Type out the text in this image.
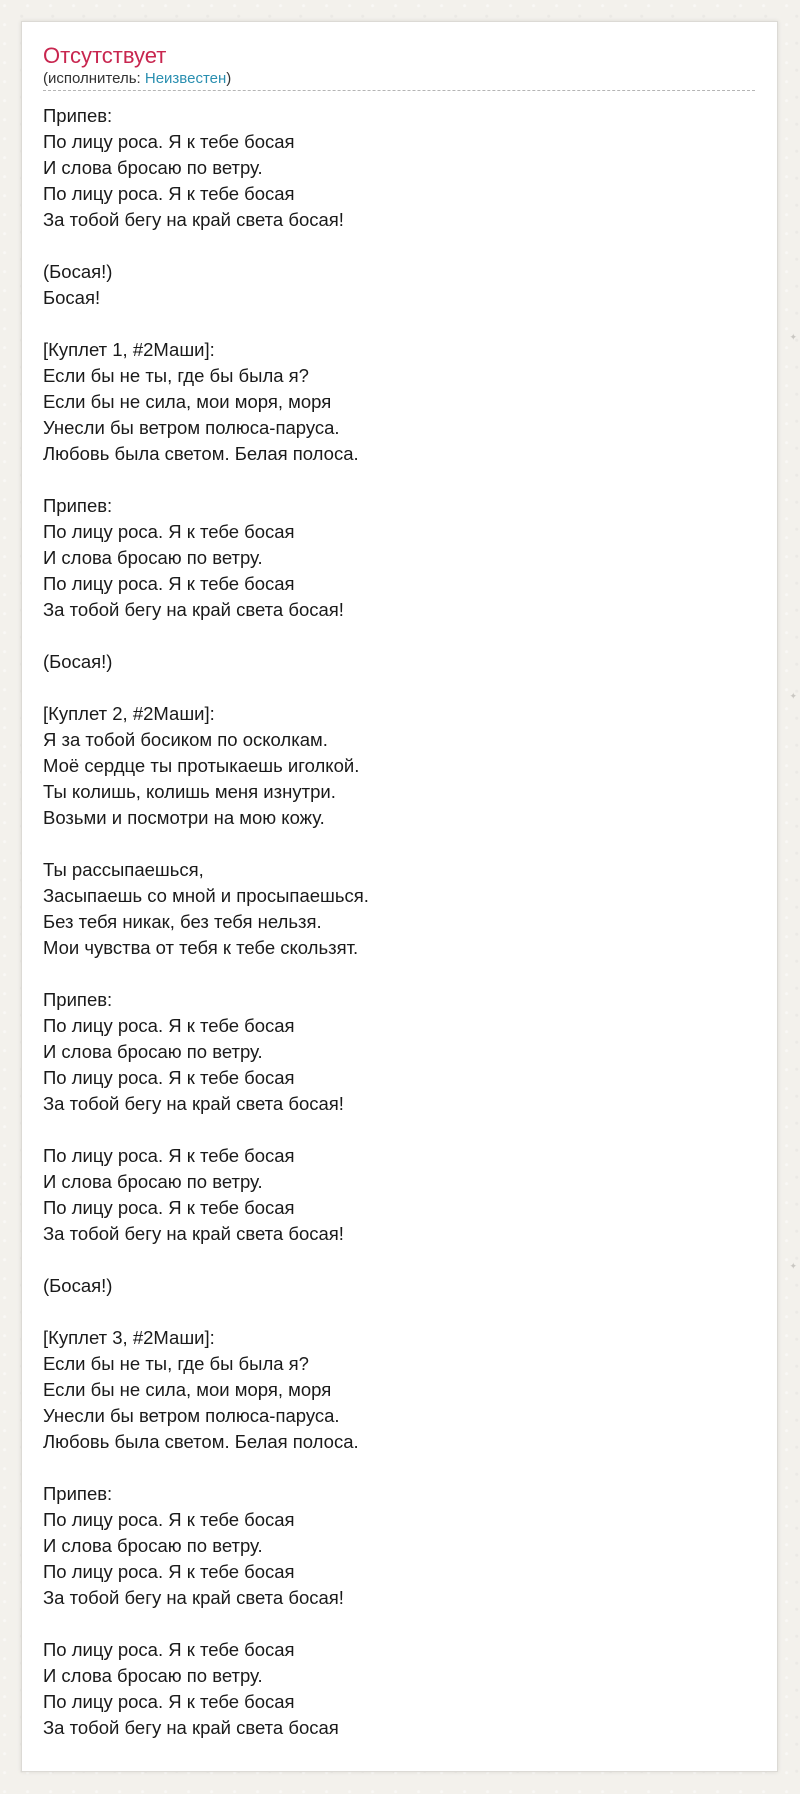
✦
✦
✦
Отсутствует
(исполнитель: Неизвестен)
Припев:
По лицу роса. Я к тебе босая
И слова бросаю по ветру.
По лицу роса. Я к тебе босая
За тобой бегу на край света босая!
(Босая!)
Босая!
[Куплет 1, #2Маши]:
Если бы не ты, где бы была я?
Если бы не сила, мои моря, моря
Унесли бы ветром полюса-паруса.
Любовь была светом. Белая полоса.
Припев:
По лицу роса. Я к тебе босая
И слова бросаю по ветру.
По лицу роса. Я к тебе босая
За тобой бегу на край света босая!
(Босая!)
[Куплет 2, #2Маши]:
Я за тобой босиком по осколкам.
Моё сердце ты протыкаешь иголкой.
Ты колишь, колишь меня изнутри.
Возьми и посмотри на мою кожу.
Ты рассыпаешься,
Засыпаешь со мной и просыпаешься.
Без тебя никак, без тебя нельзя.
Мои чувства от тебя к тебе скользят.
Припев:
По лицу роса. Я к тебе босая
И слова бросаю по ветру.
По лицу роса. Я к тебе босая
За тобой бегу на край света босая!
По лицу роса. Я к тебе босая
И слова бросаю по ветру.
По лицу роса. Я к тебе босая
За тобой бегу на край света босая!
(Босая!)
[Куплет 3, #2Маши]:
Если бы не ты, где бы была я?
Если бы не сила, мои моря, моря
Унесли бы ветром полюса-паруса.
Любовь была светом. Белая полоса.
Припев:
По лицу роса. Я к тебе босая
И слова бросаю по ветру.
По лицу роса. Я к тебе босая
За тобой бегу на край света босая!
По лицу роса. Я к тебе босая
И слова бросаю по ветру.
По лицу роса. Я к тебе босая
За тобой бегу на край света босая
